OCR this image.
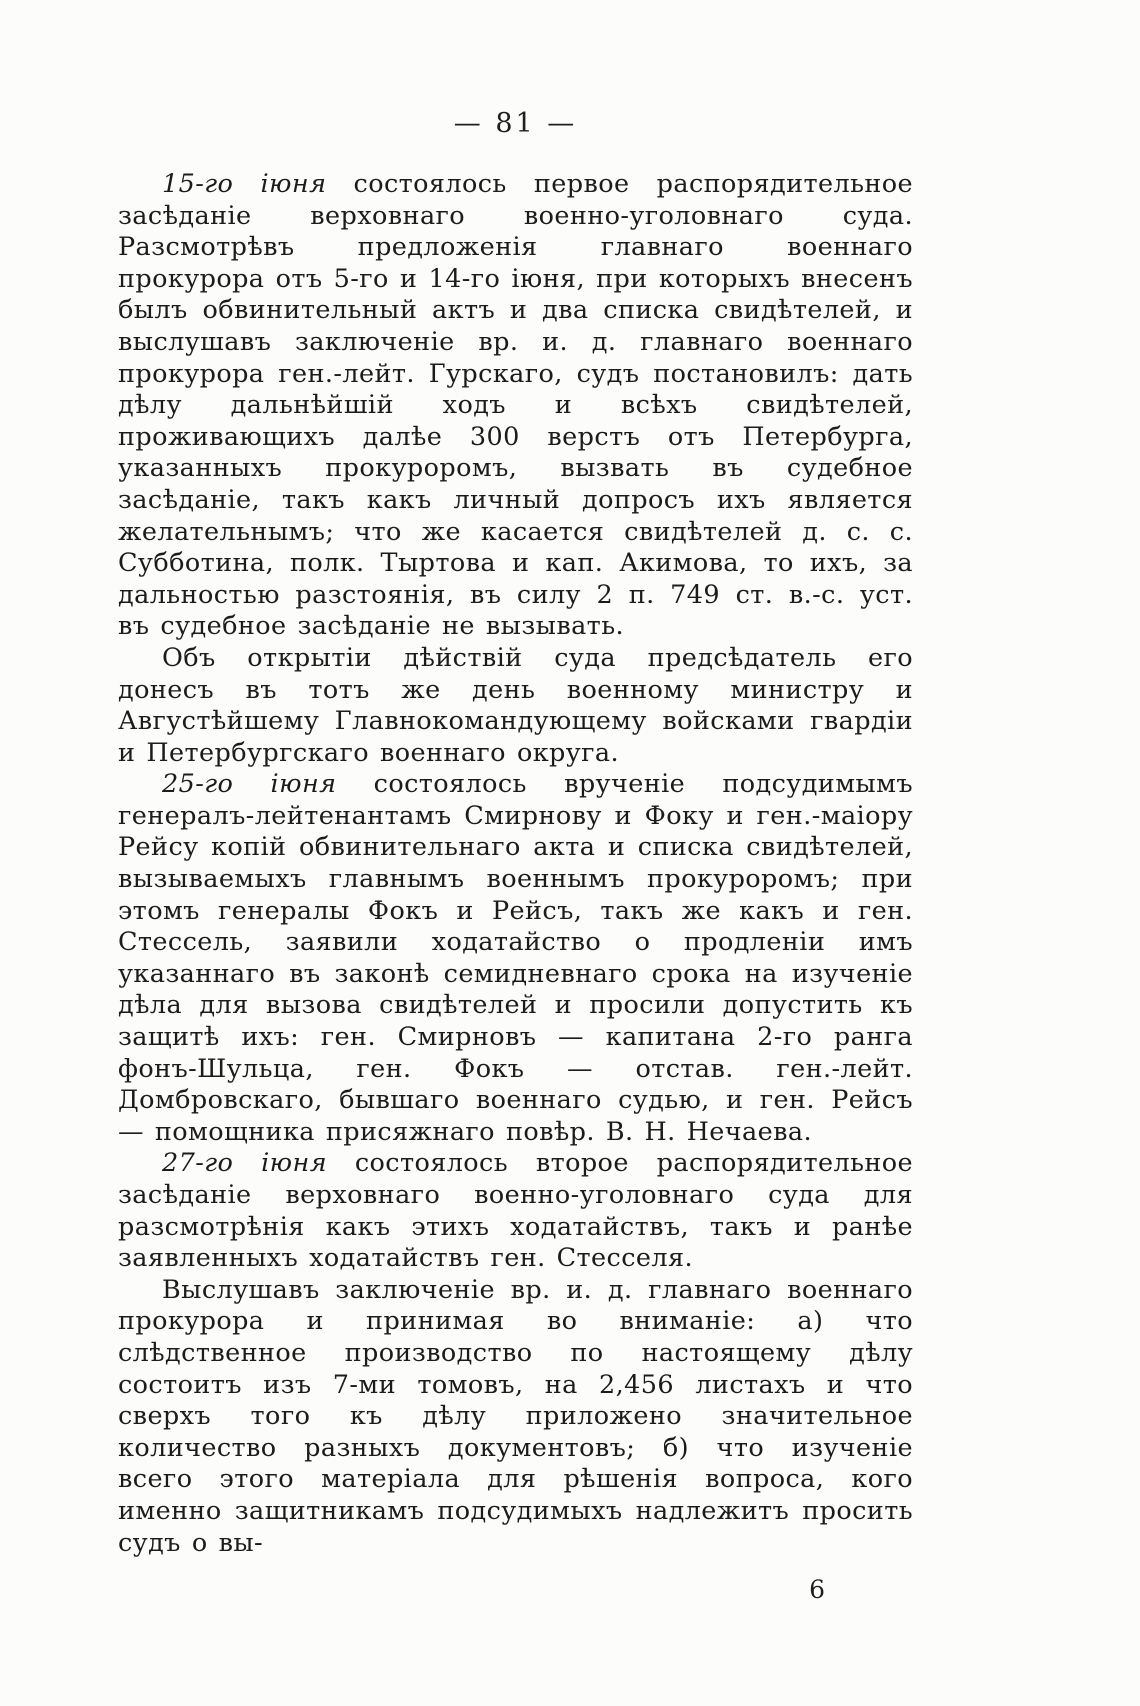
— 81 —

15-го іюня состоялось первое распорядительное засѣданіе верховнаго военно-уголовнаго суда. Разсмотрѣвъ предложенія главнаго военнаго прокурора отъ 5-го и 14-го іюня, при которыхъ внесенъ былъ обвинительный актъ и два списка свидѣтелей, и выслушавъ заключеніе вр. и. д. главнаго военнаго прокурора ген.-лейт. Гурскаго, судъ постановилъ: дать дѣлу дальнѣйшій ходъ и всѣхъ свидѣтелей, проживающихъ далѣе 300 верстъ отъ Петербурга, указанныхъ прокуроромъ, вызвать въ судебное засѣданіе, такъ какъ личный допросъ ихъ является желательнымъ; что же касается свидѣтелей д. с. с. Субботина, полк. Тыртова и кап. Акимова, то ихъ, за дальностью разстоянія, въ силу 2 п. 749 ст. в.-с. уст. въ судебное засѣданіе не вызывать.

Объ открытіи дѣйствій суда предсѣдатель его донесъ въ тотъ же день военному министру и Августѣйшему Главнокомандующему войсками гвардіи и Петербургскаго военнаго округа.

25-го іюня состоялось врученіе подсудимымъ генералъ-лейтенантамъ Смирнову и Фоку и ген.-маіору Рейсу копій обвинительнаго акта и списка свидѣтелей, вызываемыхъ главнымъ военнымъ прокуроромъ; при этомъ генералы Фокъ и Рейсъ, такъ же какъ и ген. Стессель, заявили ходатайство о продленіи имъ указаннаго въ законѣ семидневнаго срока на изученіе дѣла для вызова свидѣтелей и просили допустить къ защитѣ ихъ: ген. Смирновъ — капитана 2-го ранга фонъ-Шульца, ген. Фокъ — отстав. ген.-лейт. Домбровскаго, бывшаго военнаго судью, и ген. Рейсъ — помощника присяжнаго повѣр. В. Н. Нечаева.

27-го іюня состоялось второе распорядительное засѣданіе верховнаго военно-уголовнаго суда для разсмотрѣнія какъ этихъ ходатайствъ, такъ и ранѣе заявленныхъ ходатайствъ ген. Стесселя.

Выслушавъ заключеніе вр. и. д. главнаго военнаго прокурора и принимая во вниманіе: а) что слѣдственное производство по настоящему дѣлу состоитъ изъ 7-ми томовъ, на 2,456 листахъ и что сверхъ того къ дѣлу приложено значительное количество разныхъ документовъ; б) что изученіе всего этого матеріала для рѣшенія вопроса, кого именно защитникамъ подсудимыхъ надлежитъ просить судъ о вы-

6
